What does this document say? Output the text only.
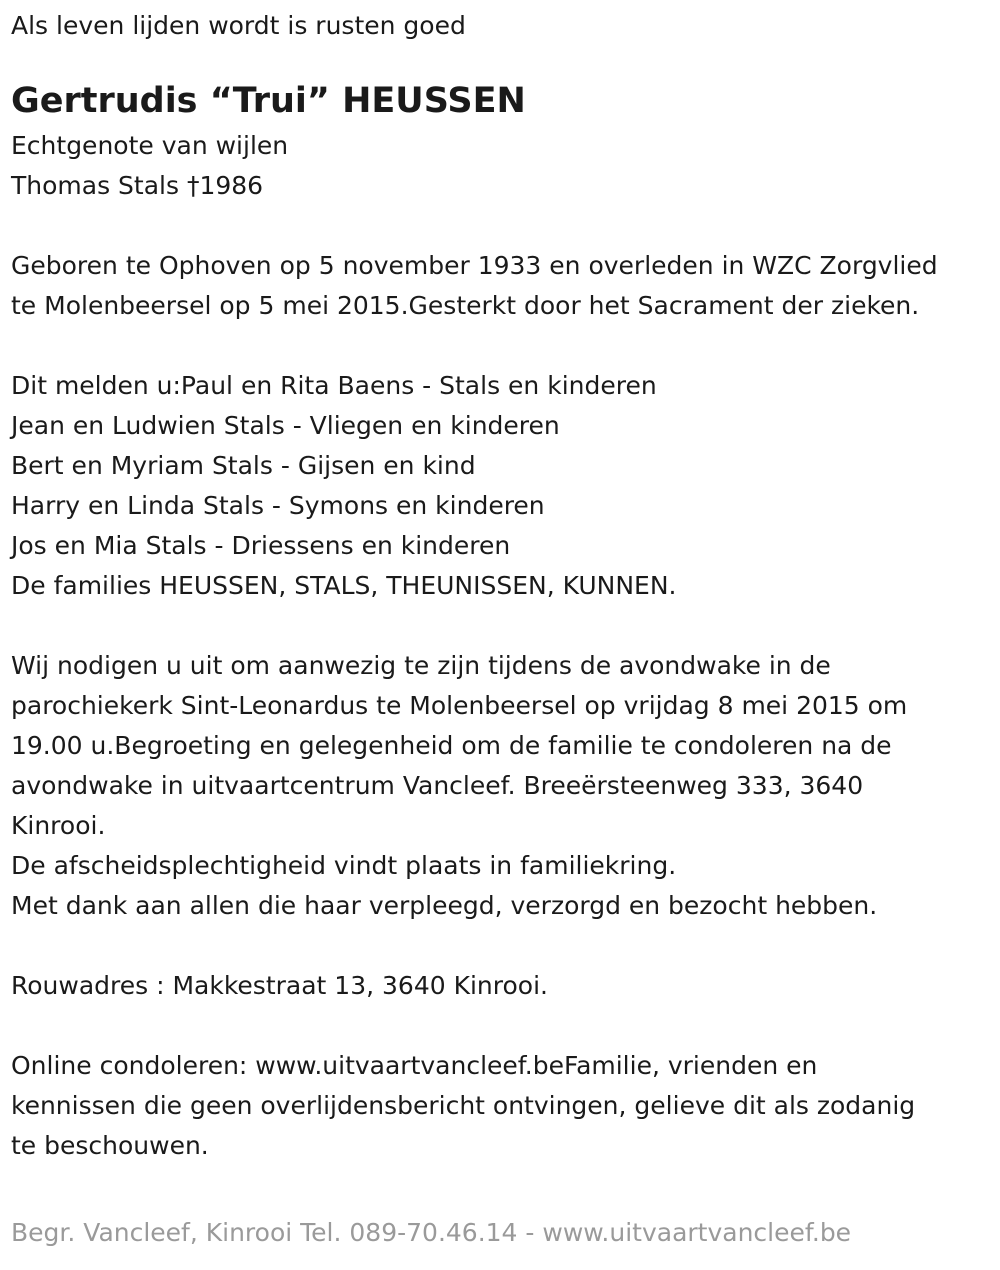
Als leven lijden wordt is rusten goed
Gertrudis “Trui” HEUSSEN
Echtgenote van wijlen
Thomas Stals †1986
Geboren te Ophoven op 5 november 1933 en overleden in WZC Zorgvlied
te Molenbeersel op 5 mei 2015.Gesterkt door het Sacrament der zieken.
Dit melden u:Paul en Rita Baens - Stals en kinderen
Jean en Ludwien Stals - Vliegen en kinderen
Bert en Myriam Stals - Gijsen en kind
Harry en Linda Stals - Symons en kinderen
Jos en Mia Stals - Driessens en kinderen
De families HEUSSEN, STALS, THEUNISSEN, KUNNEN.
Wij nodigen u uit om aanwezig te zijn tijdens de avondwake in de
parochiekerk Sint-Leonardus te Molenbeersel op vrijdag 8 mei 2015 om
19.00 u.Begroeting en gelegenheid om de familie te condoleren na de
avondwake in uitvaartcentrum Vancleef. Breeërsteenweg 333, 3640
Kinrooi.
De afscheidsplechtigheid vindt plaats in familiekring.
Met dank aan allen die haar verpleegd, verzorgd en bezocht hebben.
Rouwadres : Makkestraat 13, 3640 Kinrooi.
Online condoleren: www.uitvaartvancleef.beFamilie, vrienden en
kennissen die geen overlijdensbericht ontvingen, gelieve dit als zodanig
te beschouwen.
Begr. Vancleef, Kinrooi Tel. 089-70.46.14 - www.uitvaartvancleef.be
